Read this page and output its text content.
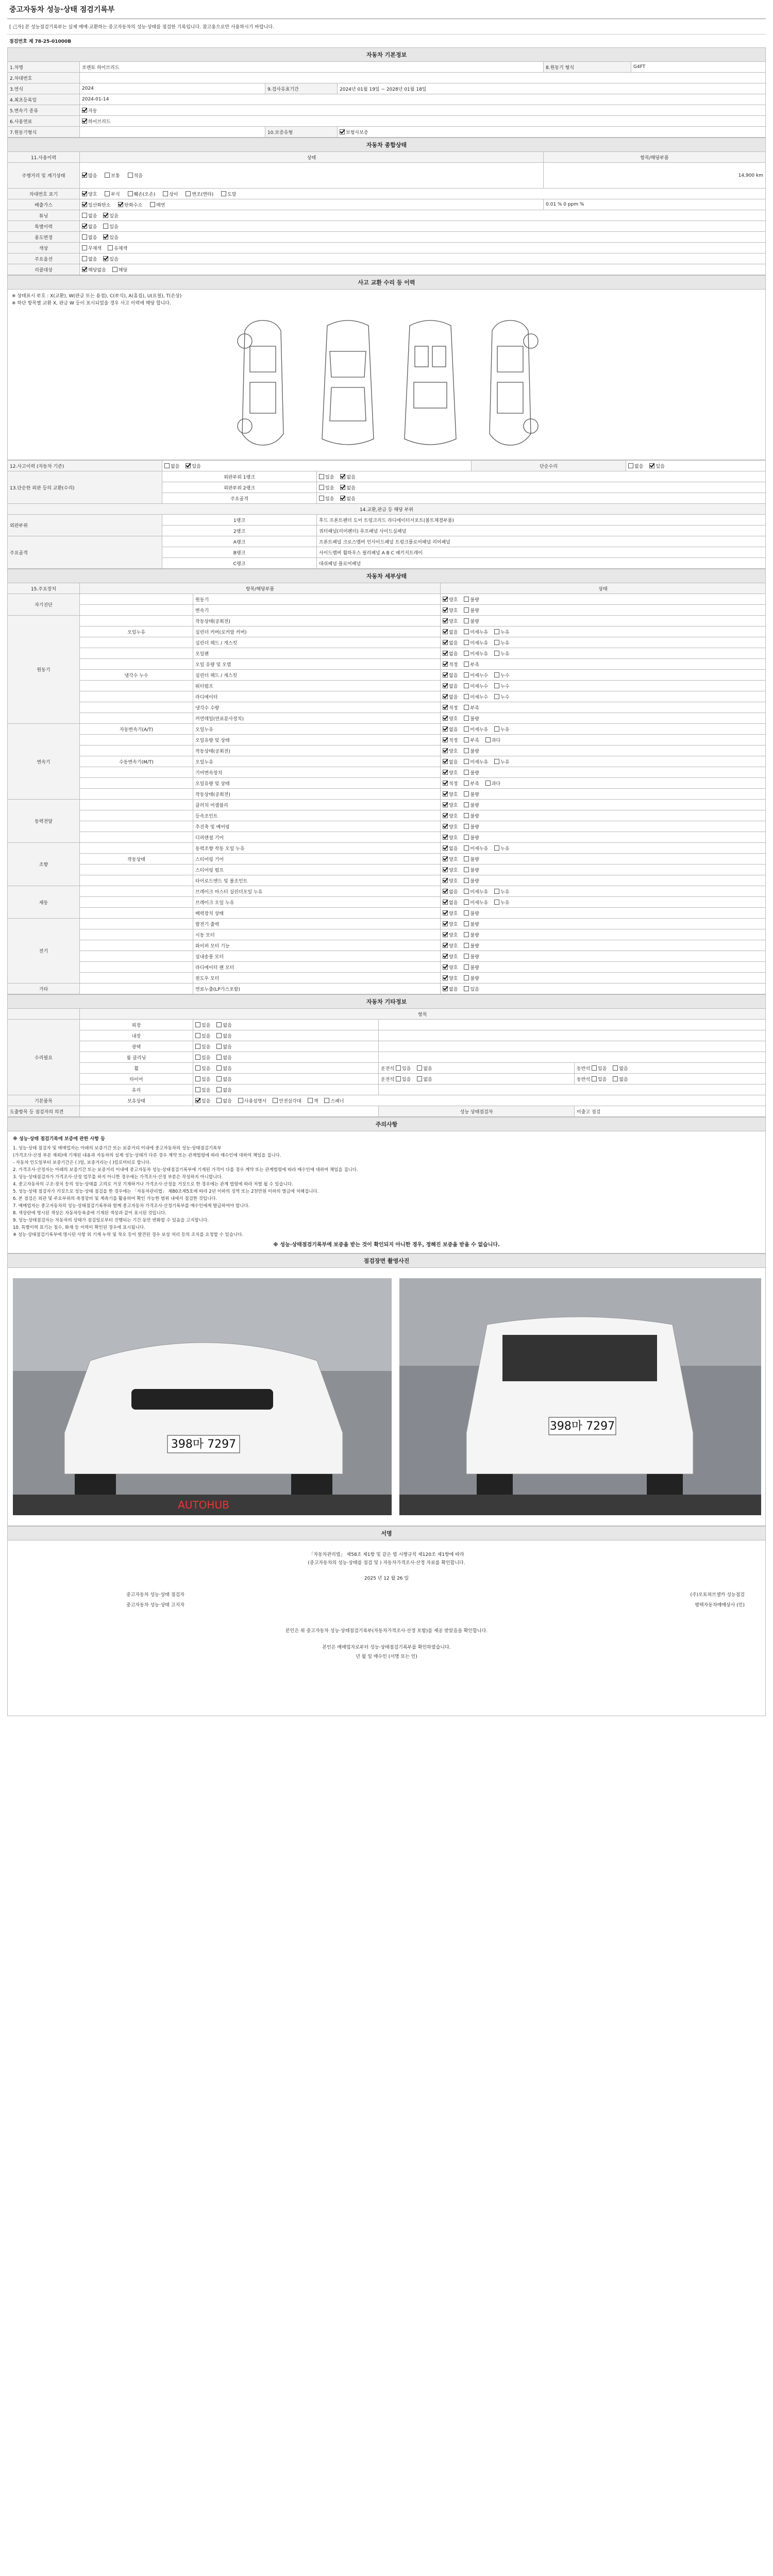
중고자동차 성능·상태 점검기록부
[ 己자] 본 성능점검기록부는 실제 매매·교환하는 중고자동차의 성능·상태를 점검한 기록입니다. 참고용으로만 사용하시기 바랍니다.
점검번호 제 78-25-01000B
자동차 기본정보					
1.차명	쏘렌토 하이브리드			8.원동기 형식	G4FT
2.차대번호					
3.연식	2024	9.검사유효기간	2024년 01월 19일 ~ 2028년 01월 18일		
4.최초등록일	2024-01-14				
5.변속기 종류	자동				
6.사용연료	하이브리드				
7.원동기형식		10.보증유형	보험사보증		
자동차 종합상태		
11.사용이력	상태	항목/해당부품
주행거리 및 계기상태	많음 보통 적음	14,900 km
차대번호 표기	양호 부식 훼손(오손) 상이 변조(변타) 도말	
배출가스	일산화탄소 탄화수소 매연	0.01 % 0 ppm %
튜닝	없음 있음	
특별이력	없음 있음	
용도변경	없음 있음	
색상	무채색 유채색	
주요옵션	없음 있음	
리콜대상	해당없음 해당	
사고 교환 수리 등 이력
※ 상태표시 부호 : X(교환), W(판금 또는 용접), C(부식), A(흠집), U(요철), T(손상)
※ 하단 항목별 교환 X, 판금 W 등이 표시되었을 경우 사고 이력에 해당 합니다.
12.사고이력 (자동차 기준)	없음 있음		단순수리	없음 있음
13.단순한 외판 등의 교환(수리)	외판부위 1랭크	있음 없음		
	외판부위 2랭크	있음 없음		
	주요골격	있음 없음		
14.교환,판금 등 해당 부위				
외판부위	1랭크	후드 프론트펜더 도어 트렁크리드 라디에이터서포트(볼트체결부품)		
	2랭크	쿼터패널(리어펜더) 루프패널 사이드실패널		
주요골격	A랭크	프론트패널 크로스멤버 인사이드패널 트렁크플로어패널 리어패널		
	B랭크	사이드멤버 휠하우스 필러패널 A B C 패키지트레이		
	C랭크	대쉬패널 플로어패널		
자동차 세부상태			
15.주요장치	항목/해당부품		상태
자기진단		원동기	양호 불량
		변속기	양호 불량
원동기		작동상태(공회전)	양호 불량
	오일누유	실린더 커버(로커암 커버)	없음 미세누유 누유
		실린더 헤드 / 개스킷	없음 미세누유 누유
		오일팬	없음 미세누유 누유
		오일 유량 및 오염	적정 부족
	냉각수 누수	실린더 헤드 / 개스킷	없음 미세누수 누수
		워터펌프	없음 미세누수 누수
		라디에이터	없음 미세누수 누수
		냉각수 수량	적정 부족
		커먼레일(연료분사장치)	양호 불량
변속기	자동변속기(A/T)	오일누유	없음 미세누유 누유
		오일유량 및 상태	적정 부족 과다
		작동상태(공회전)	양호 불량
	수동변속기(M/T)	오일누유	없음 미세누유 누유
		기어변속장치	양호 불량
		오일유량 및 상태	적정 부족 과다
		작동상태(공회전)	양호 불량
동력전달		클러치 어셈블리	양호 불량
		등속조인트	양호 불량
		추진축 및 베어링	양호 불량
		디퍼렌셜 기어	양호 불량
조향		동력조향 작동 오일 누유	없음 미세누유 누유
	작동상태	스티어링 기어	양호 불량
		스티어링 펌프	양호 불량
		타이로드엔드 및 볼조인트	양호 불량
제동		브레이크 마스터 실린더오일 누유	없음 미세누유 누유
		브레이크 오일 누유	없음 미세누유 누유
		배력장치 상태	양호 불량
전기		발전기 출력	양호 불량
		시동 모터	양호 불량
		와이퍼 모터 기능	양호 불량
		실내송풍 모터	양호 불량
		라디에이터 팬 모터	양호 불량
		윈도우 모터	양호 불량
기타		연료누출(LP가스포함)	없음 있음
자동차 기타정보				
	항목			
수리필요	외장	있음 없음		
	내장	있음 없음		
	광택	있음 없음		
	룸 클리닝	있음 없음		
	휠	있음 없음	운전석 있음 없음	동반석 있음 없음
	타이어	있음 없음	운전석 있음 없음	동반석 있음 없음
	유리	있음 없음		
기본품목	보유상태	있음 없음 사용설명서 안전삼각대 잭 스패너		
도출항목 등 점검자의 의견			성능 상태점검자	미출고 점검
주의사항
※ 성능·상태 점검기록에 보증에 관한 사항 등
1. 성능·상태 점검자 및 매매업자는 아래의 보증기간 또는 보증거리 이내에 중고자동차의 성능·상태점검기록부
(가격조사·산정 부분 제외)에 기재된 내용과 자동차의 실제 성능·상태가 다른 경우 계약 또는 관계법령에 따라 매수인에 대하여 책임을 집니다.
- 자동차 인도일부터 보증기간은 ( )일, 보증거리는 ( )킬로미터로 합니다.
2. 가격조사·산정자는 아래의 보증기간 또는 보증거리 이내에 중고자동차 성능·상태점검기록부에 기재된 가격이 다를 경우 계약 또는 관계법령에 따라 매수인에 대하여 책임을 집니다.
3. 성능·상태점검자가 가격조사·산정 업무를 하지 아니한 경우에는 가격조사·산정 부분은 작성하지 아니합니다.
4. 중고자동차의 구조·장치 등의 성능·상태를 고의로 거짓 기재하거나 가격조사·산정을 거짓으로 한 경우에는 관계 법령에 따라 처벌 될 수 있습니다.
5. 성능·상태 점검자가 거짓으로 성능·상태 점검을 한 경우에는 「자동차관리법」 제80조제5호에 따라 2년 이하의 징역 또는 2천만원 이하의 벌금에 처해집니다.
6. 본 점검은 외관 및 주요부위의 측정장비 및 계측기를 활용하여 확인 가능한 범위 내에서 점검한 것입니다.
7. 매매업자는 중고자동차의 성능·상태점검기록부와 함께 중고자동차 가격조사·산정기록부를 매수인에게 발급하여야 합니다.
8. 색상란에 명시된 색상은 자동차등록증에 기재된 색상과 같이 표시된 것입니다.
9. 성능·상태점검자는 자동차의 상태가 점검일로부터 진행되는 기간 동안 변화할 수 있음을 고지합니다.
10. 특별이력 표기는 침수, 화재 등 이력이 확인된 경우에 표시됩니다.
※ 성능·상태점검기록부에 명시된 사항 외 기재 누락 및 착오 등이 발견된 경우 보상 처리 등의 조치를 요청할 수 있습니다.
※ 성능·상태점검기록부에 보증을 받는 것이 확인되지 아니한 경우, 정해진 보증을 받을 수 없습니다.
점검장면 촬영사진
398마 7297
AUTOHUB
398마 7297
서명
「자동차관리법」 제58조 제1항 및 같은 법 시행규칙 제120조 제1항에 따라
(중고자동차의 성능·상태를 점검 및 ) 자동차가격조사·산정 자료를 확인합니다.
2025 년 12 월 26 일
중고자동차 성능·상태 점검자
중고자동차 성능·상태 고지자
(주)오토허브셀카 성능점검
평택자동차매매상사 (인)
본인은 위 중고자동차 성능·상태점검기록부(자동차가격조사·산정 포함)를 제공 받았음을 확인합니다.
본인은 매매업자로부터 성능·상태점검기록부를 확인하였습니다.
년 월 일 매수인 (서명 또는 인)
